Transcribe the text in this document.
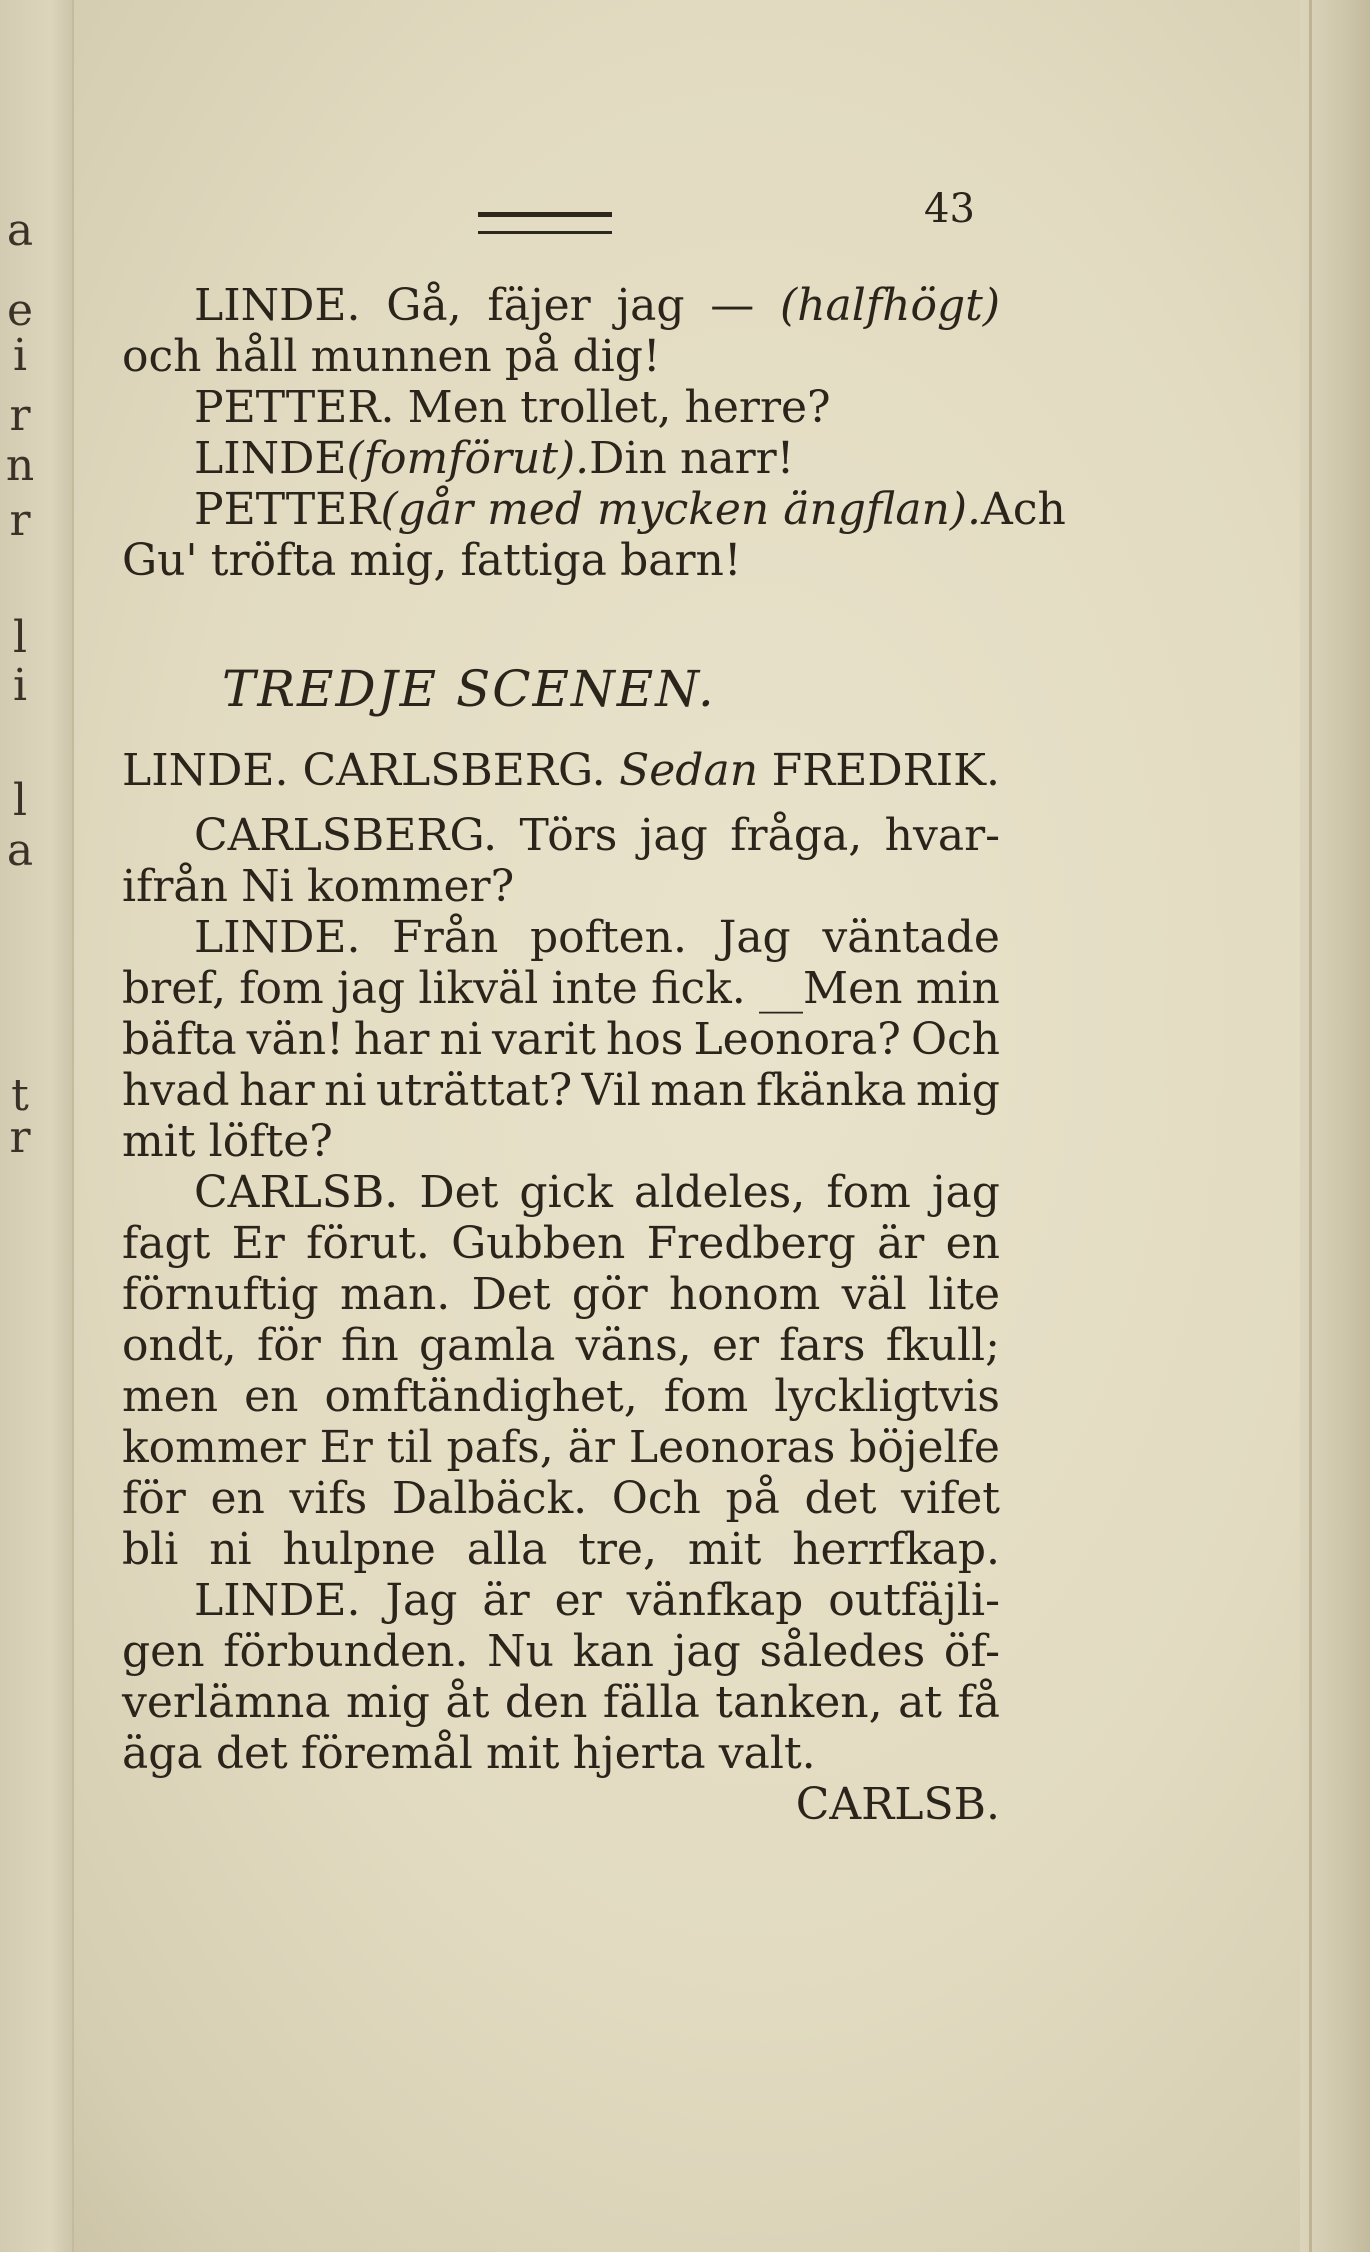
a
e
i
r
n
r
l
i
l
a
t
r
43
LINDE. Gå, fäjer jag — (halfhögt)
och håll munnen på dig!
PETTER. Men trollet, herre?
LINDE (fom förut). Din narr!
PETTER (går med mycken ängflan). Ach
Gu' tröfta mig, fattiga barn!
TREDJE SCENEN.
LINDE. CARLSBERG. Sedan FREDRIK.
CARLSBERG. Törs jag fråga, hvar-
ifrån Ni kommer?
LINDE. Från poften. Jag väntade
bref, fom jag likväl inte fick. __Men min
bäfta vän! har ni varit hos Leonora? Och
hvad har ni uträttat? Vil man fkänka mig
mit löfte?
CARLSB. Det gick aldeles, fom jag
fagt Er förut. Gubben Fredberg är en
förnuftig man. Det gör honom väl lite
ondt, för fin gamla väns, er fars fkull;
men en omftändighet, fom lyckligtvis
kommer Er til pafs, är Leonoras böjelfe
för en vifs Dalbäck. Och på det vifet
bli ni hulpne alla tre, mit herrfkap.
LINDE. Jag är er vänfkap outfäjli-
gen förbunden. Nu kan jag således öf-
verlämna mig åt den fälla tanken, at få
äga det föremål mit hjerta valt.
CARLSB.
